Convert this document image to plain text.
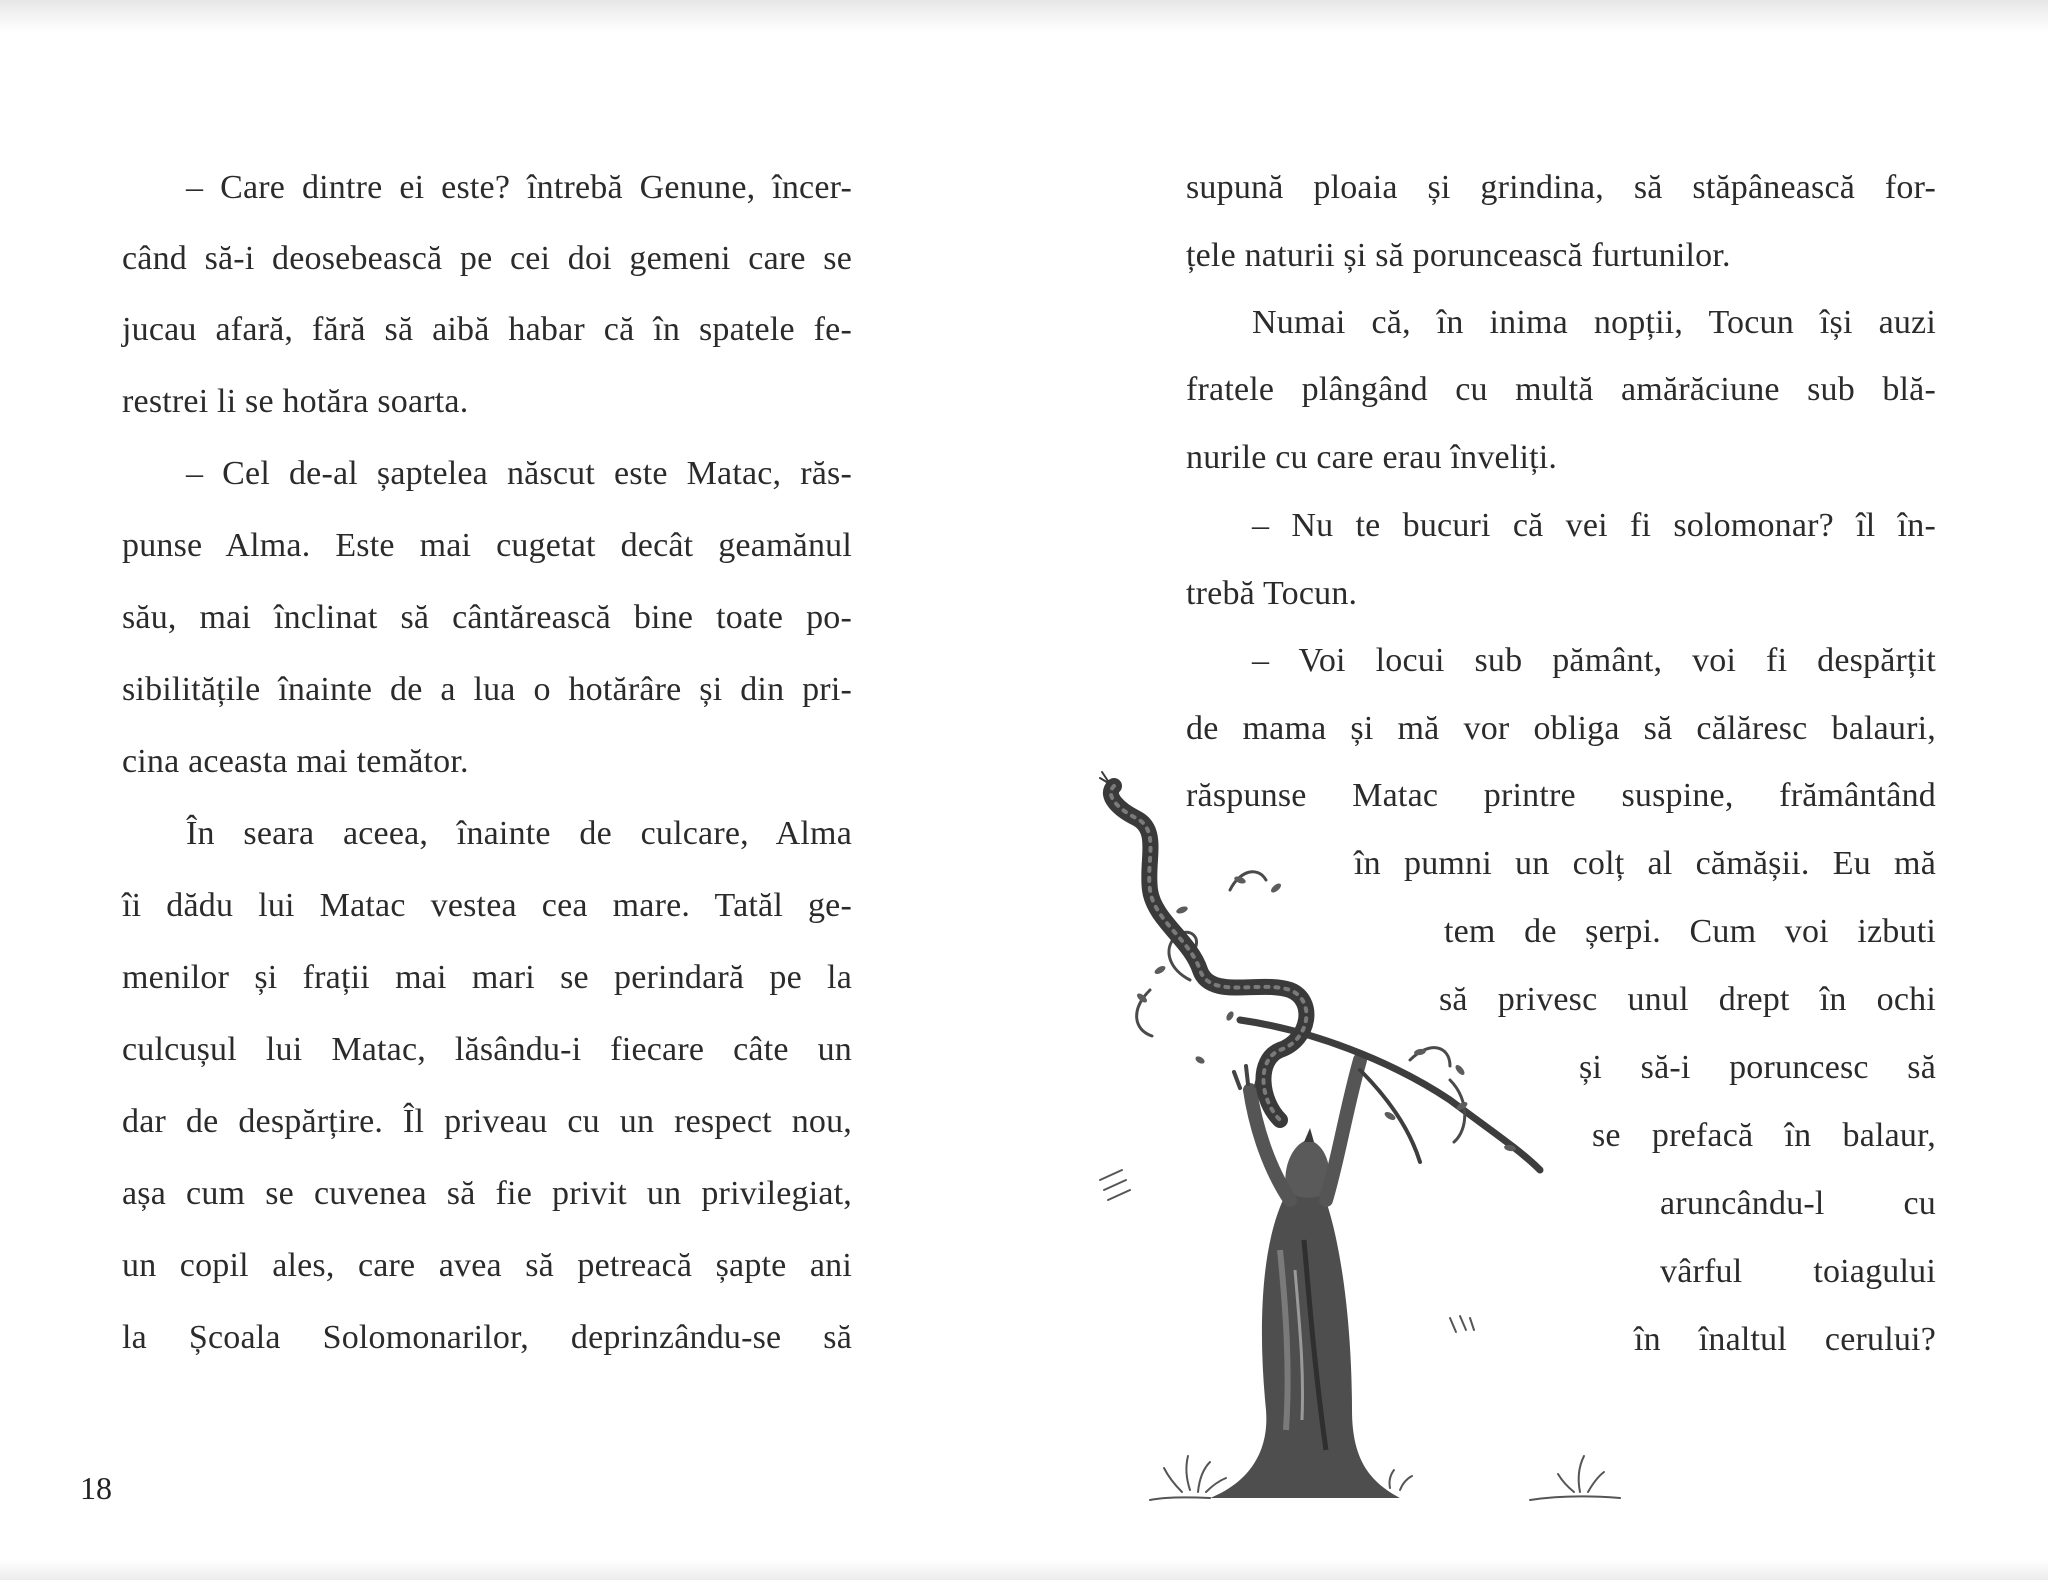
– Care dintre ei este? întrebă Genune, încer-
când să-i deosebească pe cei doi gemeni care se
jucau afară, fără să aibă habar că în spatele fe-
restrei li se hotăra soarta.
– Cel de-al șaptelea născut este Matac, răs-
punse Alma. Este mai cugetat decât geamănul
său, mai înclinat să cântărească bine toate po-
sibilitățile înainte de a lua o hotărâre și din pri-
cina aceasta mai temător.
În seara aceea, înainte de culcare, Alma
îi dădu lui Matac vestea cea mare. Tatăl ge-
menilor și frații mai mari se perindară pe la
culcușul lui Matac, lăsându-i fiecare câte un
dar de despărțire. Îl priveau cu un respect nou,
așa cum se cuvenea să fie privit un privilegiat,
un copil ales, care avea să petreacă șapte ani
la Școala Solomonarilor, deprinzându-se să
18
supună ploaia și grindina, să stăpânească for-
țele naturii și să poruncească furtunilor.
Numai că, în inima nopții, Tocun își auzi
fratele plângând cu multă amărăciune sub blă-
nurile cu care erau înveliți.
– Nu te bucuri că vei fi solomonar? îl în-
trebă Tocun.
– Voi locui sub pământ, voi fi despărțit
de mama și mă vor obliga să călăresc balauri,
răspunse Matac printre suspine, frământând
în pumni un colț al cămășii. Eu mă
tem de șerpi. Cum voi izbuti
să privesc unul drept în ochi
și să-i poruncesc să
se prefacă în balaur,
aruncându-l cu
vârful toiagului
în înaltul cerului?
